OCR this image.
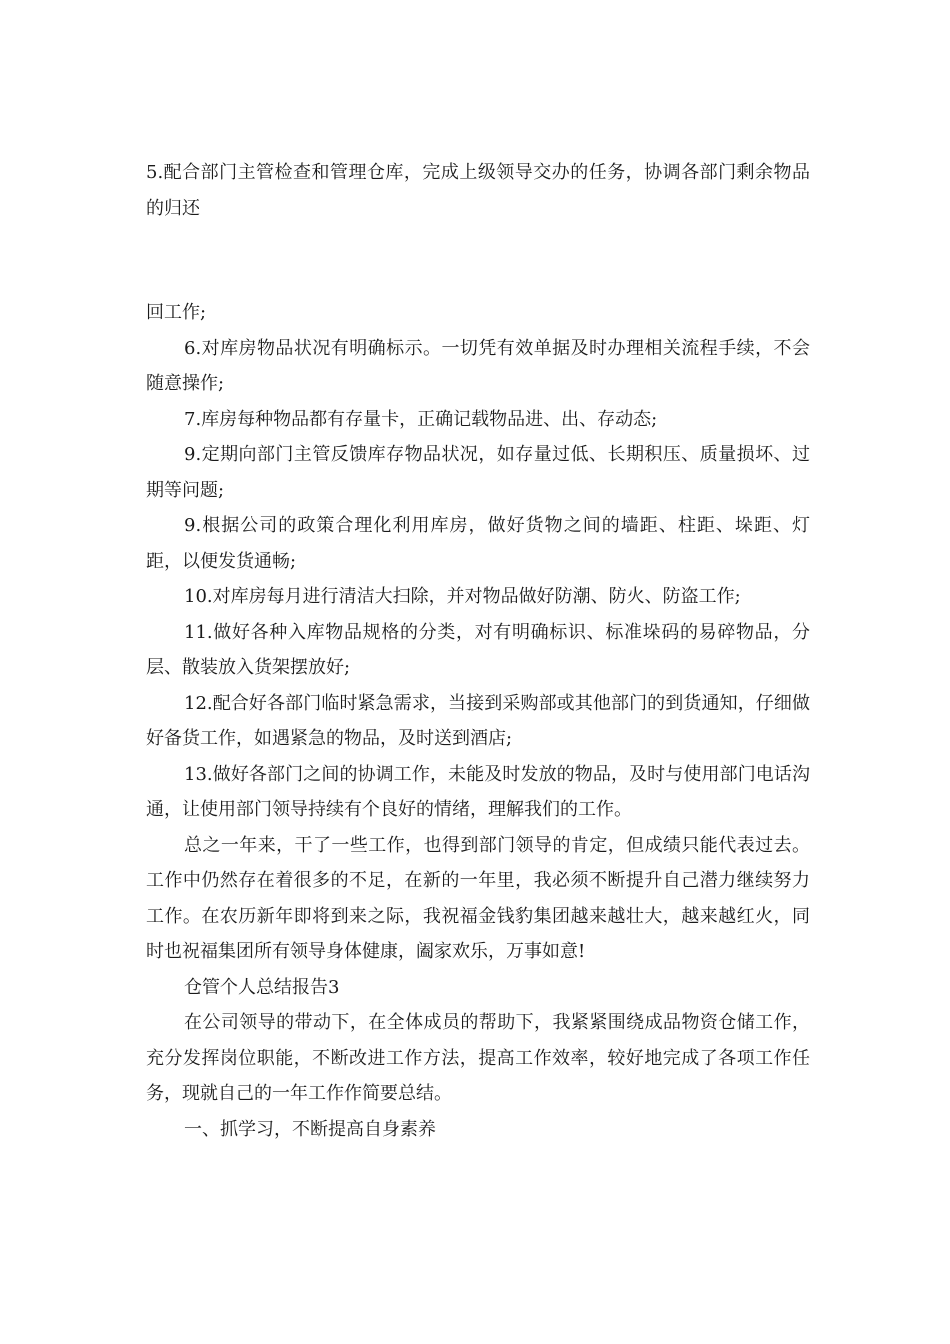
5.配合部门主管检查和管理仓库，完成上级领导交办的任务，协调各部门剩余物品的归还

回工作;

6.对库房物品状况有明确标示。一切凭有效单据及时办理相关流程手续，不会随意操作;

7.库房每种物品都有存量卡，正确记载物品进、出、存动态;

9.定期向部门主管反馈库存物品状况，如存量过低、长期积压、质量损坏、过期等问题;

9.根据公司的政策合理化利用库房，做好货物之间的墙距、柱距、垛距、灯距，以便发货通畅;

10.对库房每月进行清洁大扫除，并对物品做好防潮、防火、防盗工作;

11.做好各种入库物品规格的分类，对有明确标识、标准垛码的易碎物品，分层、散装放入货架摆放好;

12.配合好各部门临时紧急需求，当接到采购部或其他部门的到货通知，仔细做好备货工作，如遇紧急的物品，及时送到酒店;

13.做好各部门之间的协调工作，未能及时发放的物品，及时与使用部门电话沟通，让使用部门领导持续有个良好的情绪，理解我们的工作。

总之一年来，干了一些工作，也得到部门领导的肯定，但成绩只能代表过去。工作中仍然存在着很多的不足，在新的一年里，我必须不断提升自己潜力继续努力工作。在农历新年即将到来之际，我祝福金钱豹集团越来越壮大，越来越红火，同时也祝福集团所有领导身体健康，阖家欢乐，万事如意!

仓管个人总结报告3

在公司领导的带动下，在全体成员的帮助下，我紧紧围绕成品物资仓储工作，充分发挥岗位职能，不断改进工作方法，提高工作效率，较好地完成了各项工作任务，现就自己的一年工作作简要总结。

一、抓学习，不断提高自身素养
